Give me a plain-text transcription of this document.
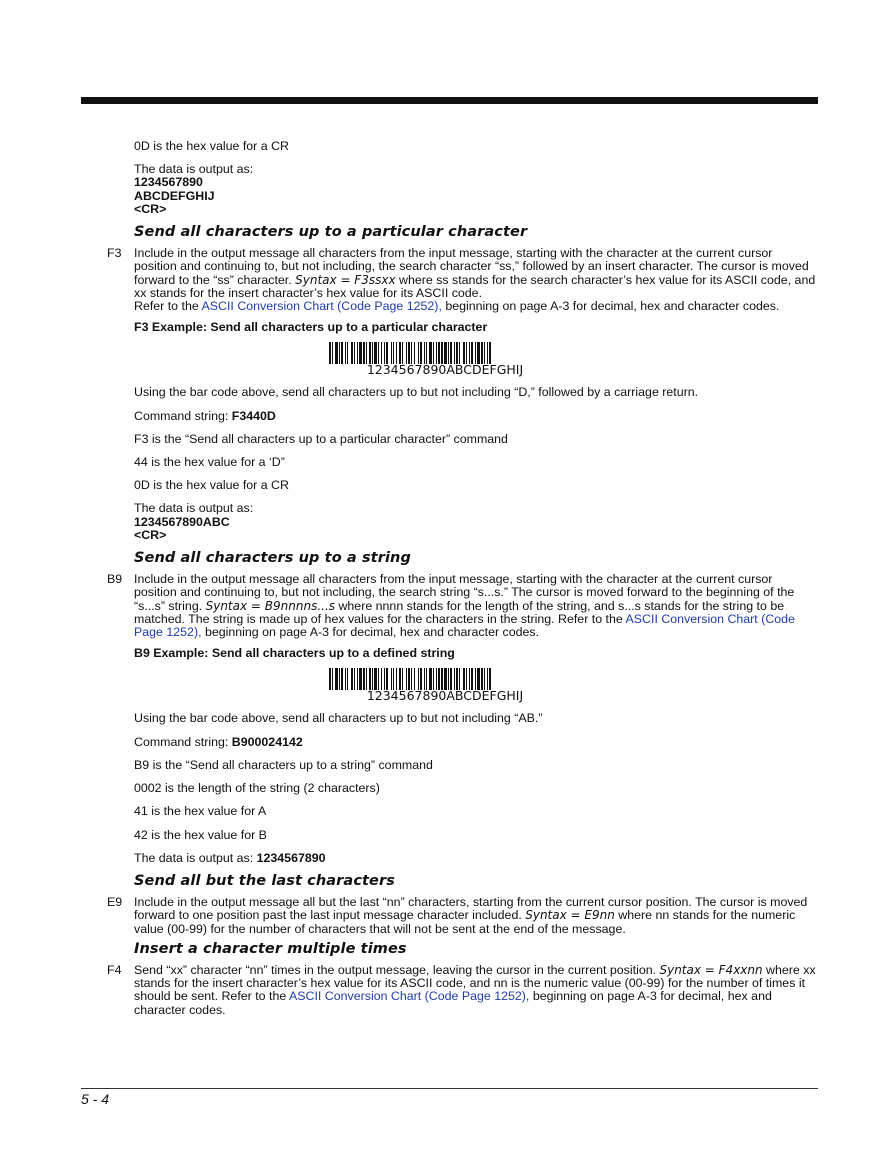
0D is the hex value for a CR

The data is output as:

1234567890

ABCDEFGHIJ

<CR>

Send all characters up to a particular character
F3 Include in the output message all characters from the input message, starting with the character at the current cursor position and continuing to, but not including, the search character “ss,” followed by an insert character. The cursor is moved forward to the “ss” character. Syntax = F3ssxx where ss stands for the search character’s hex value for its ASCII code, and xx stands for the insert character’s hex value for its ASCII code.
Refer to the ASCII Conversion Chart (Code Page 1252), beginning on page A-3 for decimal, hex and character codes.

F3 Example: Send all characters up to a particular character

1234567890ABCDEFGHIJ

Using the bar code above, send all characters up to but not including “D,” followed by a carriage return.

Command string: F3440D

F3 is the “Send all characters up to a particular character” command

44 is the hex value for a ‘D”

0D is the hex value for a CR

The data is output as:

1234567890ABC

<CR>

Send all characters up to a string
B9 Include in the output message all characters from the input message, starting with the character at the current cursor position and continuing to, but not including, the search string “s...s.” The cursor is moved forward to the beginning of the “s...s” string. Syntax = B9nnnns...s where nnnn stands for the length of the string, and s...s stands for the string to be matched. The string is made up of hex values for the characters in the string. Refer to the ASCII Conversion Chart (Code Page 1252), beginning on page A-3 for decimal, hex and character codes.

B9 Example: Send all characters up to a defined string

1234567890ABCDEFGHIJ

Using the bar code above, send all characters up to but not including “AB.”

Command string: B900024142

B9 is the “Send all characters up to a string” command

0002 is the length of the string (2 characters)

41 is the hex value for A

42 is the hex value for B

The data is output as: 1234567890

Send all but the last characters
E9 Include in the output message all but the last “nn” characters, starting from the current cursor position. The cursor is moved forward to one position past the last input message character included. Syntax = E9nn where nn stands for the numeric value (00-99) for the number of characters that will not be sent at the end of the message.
Insert a character multiple times
F4 Send “xx” character “nn” times in the output message, leaving the cursor in the current position. Syntax = F4xxnn where xx stands for the insert character’s hex value for its ASCII code, and nn is the numeric value (00-99) for the number of times it should be sent. Refer to the ASCII Conversion Chart (Code Page 1252), beginning on page A-3 for decimal, hex and character codes.
5 - 4
